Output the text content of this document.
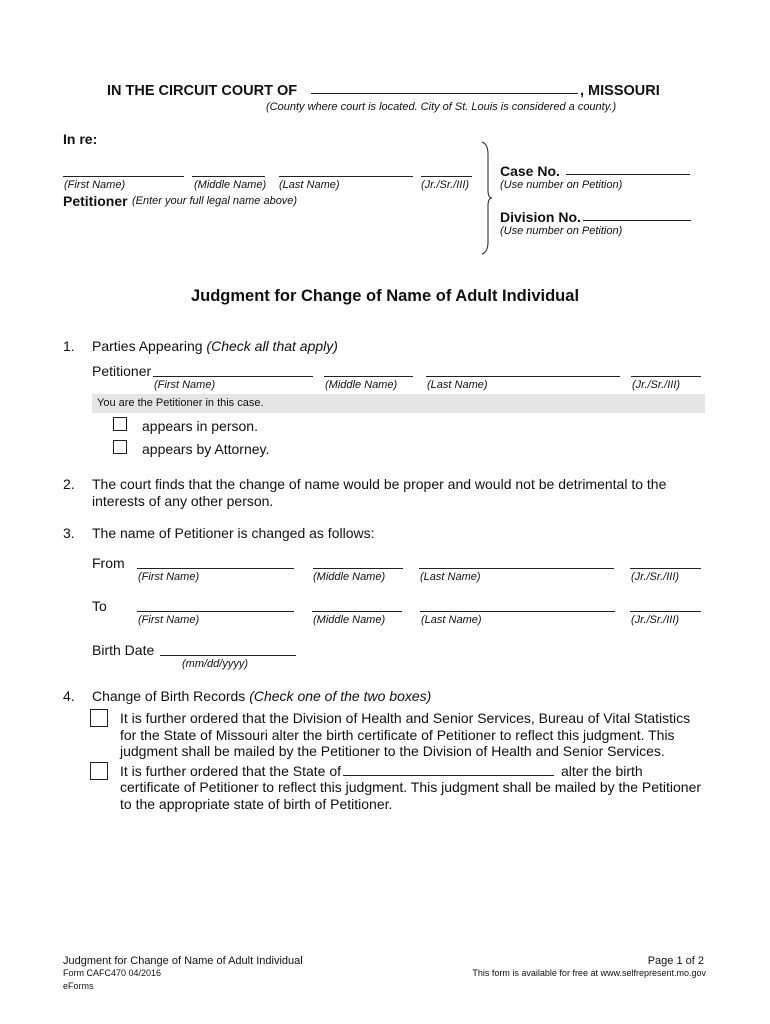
IN THE CIRCUIT COURT OF	, MISSOURI
(County where court is located. City of St. Louis is considered a county.)
In re:
(First Name)	(Middle Name) (Last Name)	(Jr./Sr./III)
Petitioner (Enter your full legal name above)
Case No.
(Use number on Petition)
Division No.
(Use number on Petition)
Judgment for Change of Name of Adult Individual
1. Parties Appearing (Check all that apply)
Petitioner
(First Name)	(Middle Name)	(Last Name)	(Jr./Sr./III)
You are the Petitioner in this case.
appears in person.
appears by Attorney.
2. The court finds that the change of name would be proper and would not be detrimental to the
interests of any other person.
3. The name of Petitioner is changed as follows:
From
(First Name)	(Middle Name)	(Last Name)	(Jr./Sr./III)
To
(First Name)	(Middle Name)	(Last Name)	(Jr./Sr./III)
Birth Date
(mm/dd/yyyy)
4. Change of Birth Records (Check one of the two boxes)
It is further ordered that the Division of Health and Senior Services, Bureau of Vital Statistics
for the State of Missouri alter the birth certificate of Petitioner to reflect this judgment. This
judgment shall be mailed by the Petitioner to the Division of Health and Senior Services.
It is further ordered that the State of	alter the birth
certificate of Petitioner to reflect this judgment. This judgment shall be mailed by the Petitioner
to the appropriate state of birth of Petitioner.
Judgment for Change of Name of Adult Individual
Form CAFC470 04/2016
eForms
Page 1 of 2
This form is available for free at www.selfrepresent.mo.gov
